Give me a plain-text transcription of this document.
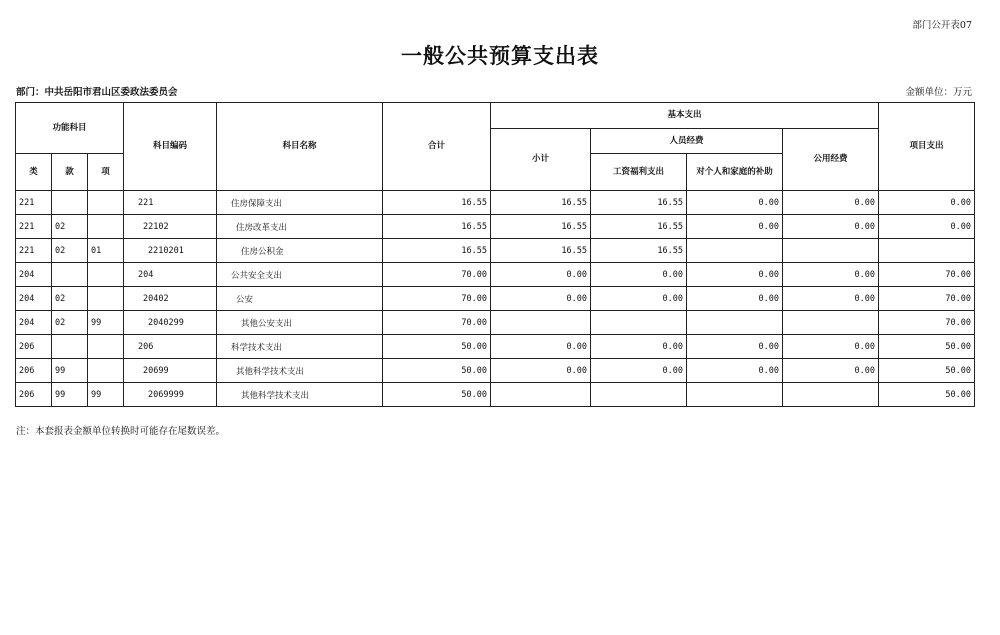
部门公开表07
一般公共预算支出表
部门：中共岳阳市君山区委政法委员会	金额单位：万元
功能科目			科目编码	科目名称	合计	基本支出				项目支出
						小计	人员经费		公用经费	
类	款	项					工资福利支出	对个人和家庭的补助		
221			221	住房保障支出	16.55	16.55	16.55	0.00	0.00	0.00
221	02		22102	住房改革支出	16.55	16.55	16.55	0.00	0.00	0.00
221	02	01	2210201	住房公积金	16.55	16.55	16.55			
204			204	公共安全支出	70.00	0.00	0.00	0.00	0.00	70.00
204	02		20402	公安	70.00	0.00	0.00	0.00	0.00	70.00
204	02	99	2040299	其他公安支出	70.00					70.00
206			206	科学技术支出	50.00	0.00	0.00	0.00	0.00	50.00
206	99		20699	其他科学技术支出	50.00	0.00	0.00	0.00	0.00	50.00
206	99	99	2069999	其他科学技术支出	50.00					50.00
注：本套报表金额单位转换时可能存在尾数误差。
